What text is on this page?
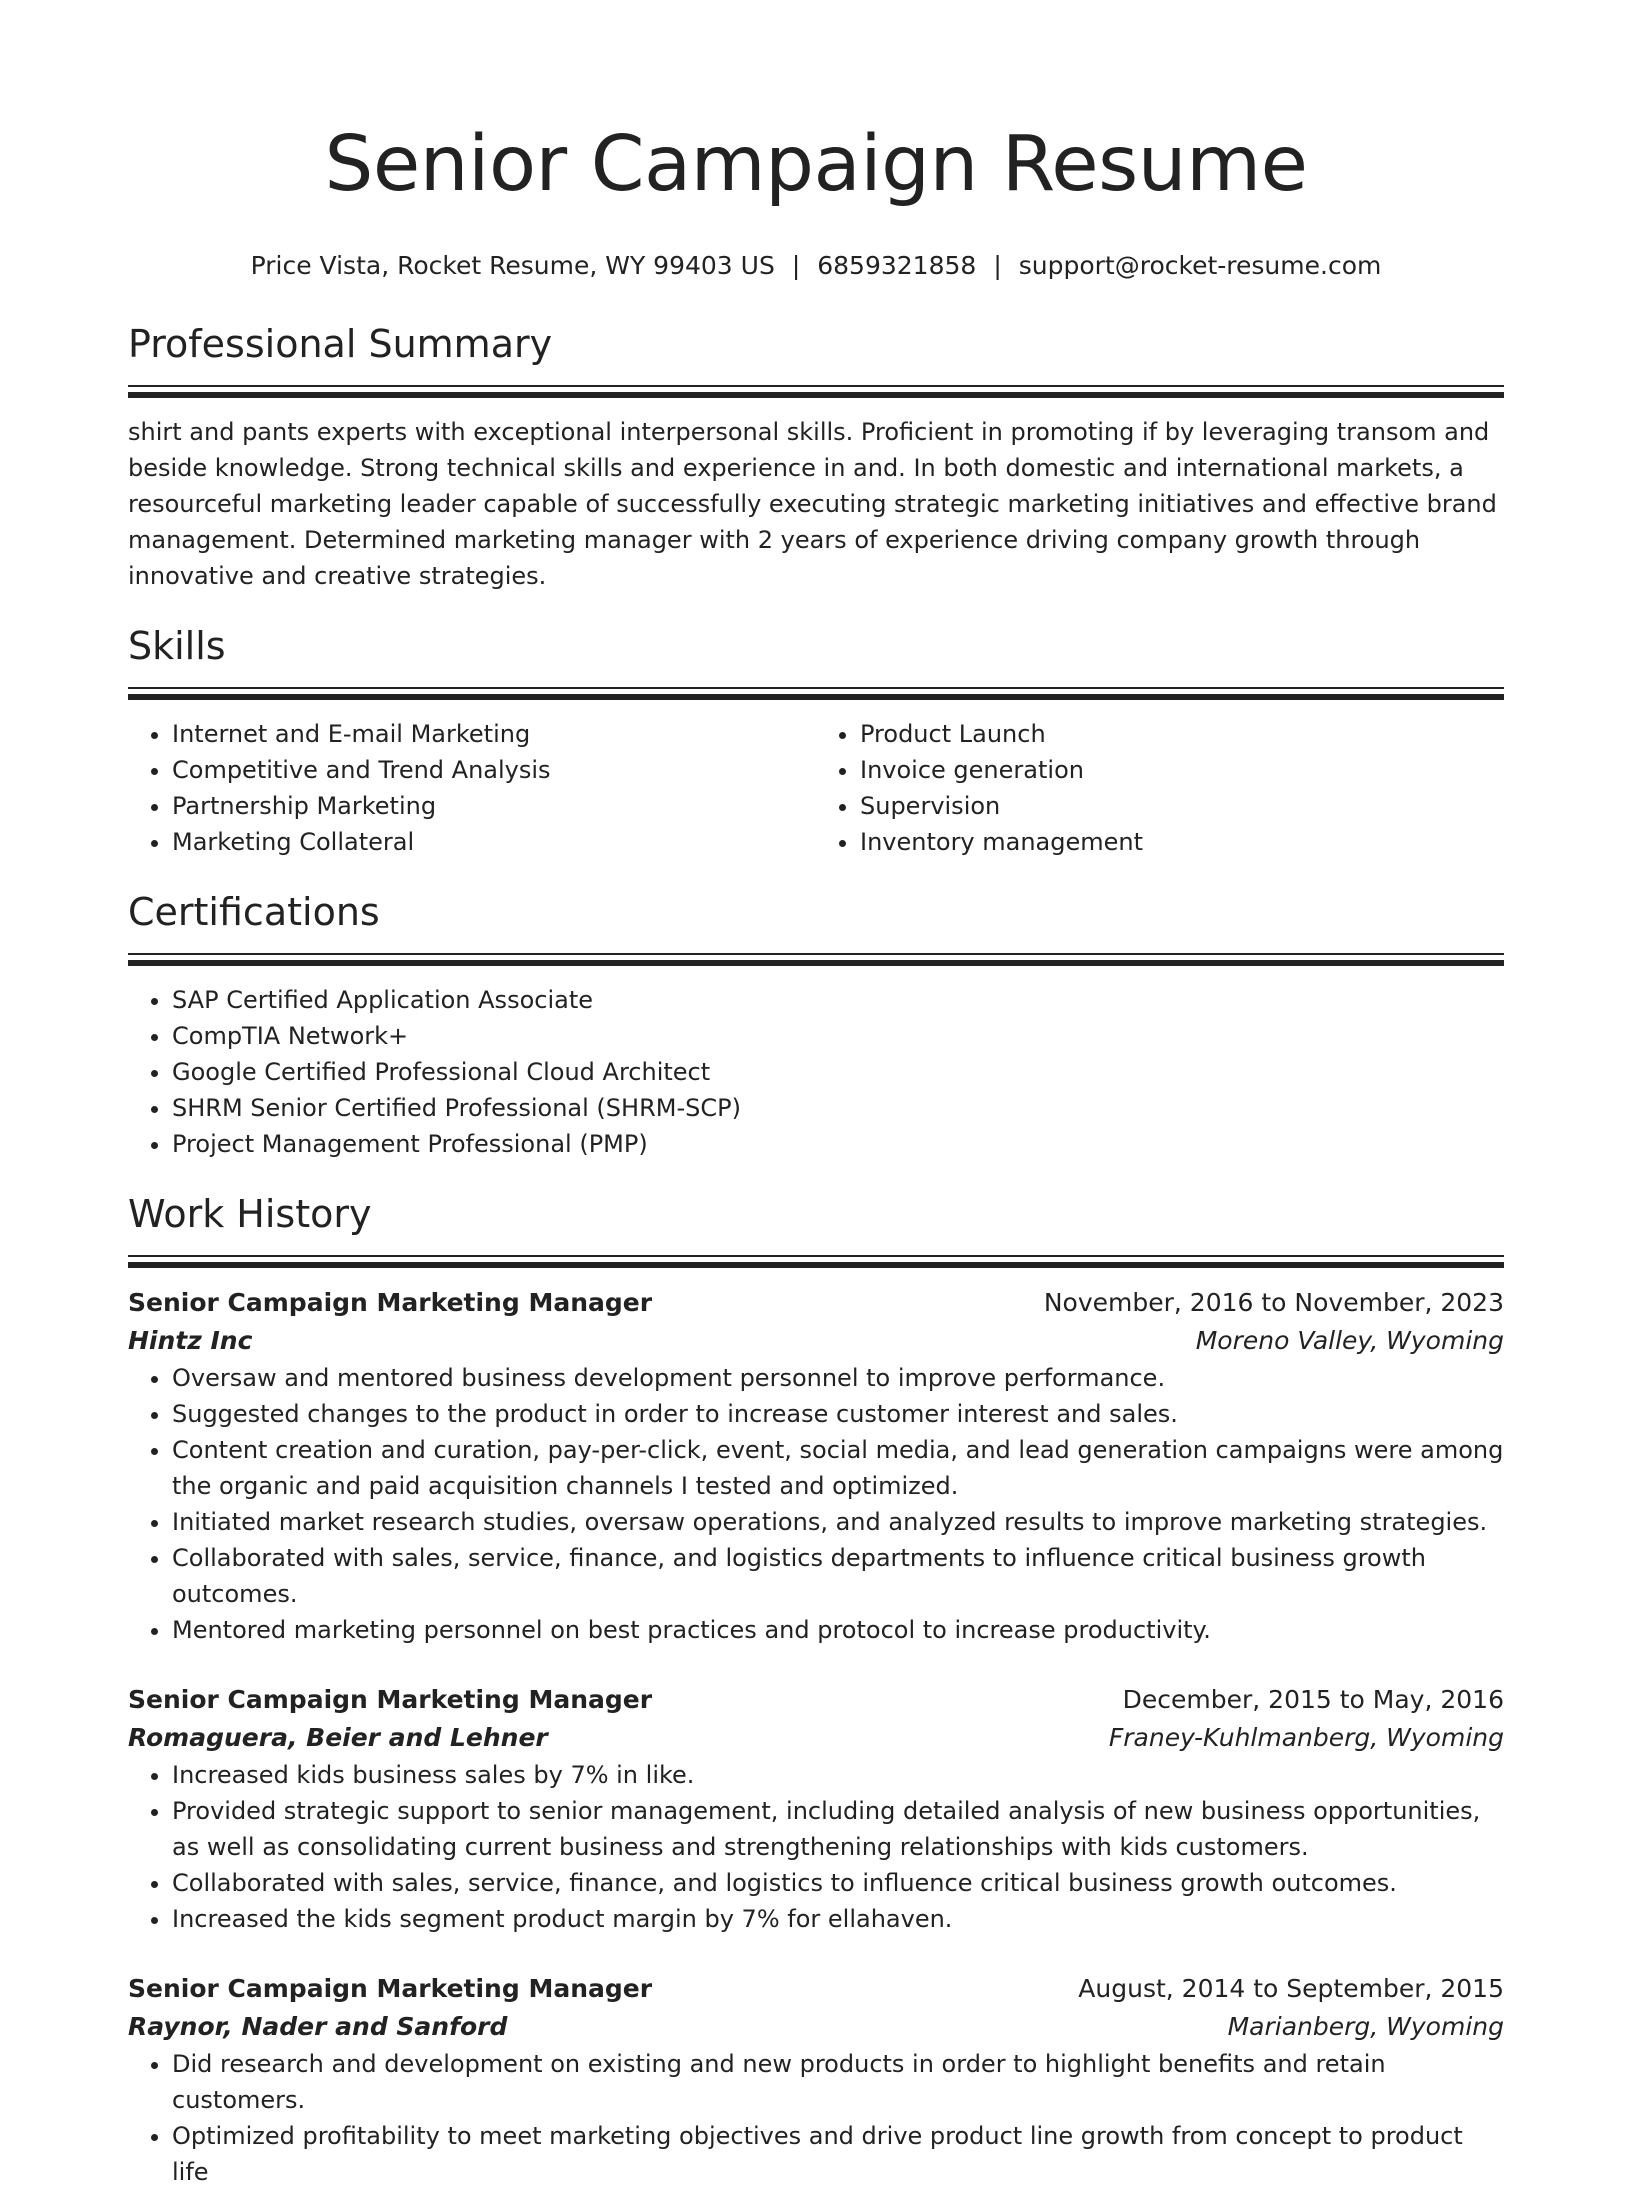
Senior Campaign Resume
Price Vista, Rocket Resume, WY 99403 US | 6859321858 | support@rocket-resume.com
Professional Summary

shirt and pants experts with exceptional interpersonal skills. Proficient in promoting if by leveraging transom and beside knowledge. Strong technical skills and experience in and. In both domestic and international markets, a resourceful marketing leader capable of successfully executing strategic marketing initiatives and effective brand management. Determined marketing manager with 2 years of experience driving company growth through innovative and creative strategies.

Skills
• Internet and E-mail Marketing
• Competitive and Trend Analysis
• Partnership Marketing
• Marketing Collateral
• Product Launch
• Invoice generation
• Supervision
• Inventory management
Certifications
• SAP Certified Application Associate
• CompTIA Network+
• Google Certified Professional Cloud Architect
• SHRM Senior Certified Professional (SHRM-SCP)
• Project Management Professional (PMP)
Work History
Senior Campaign Marketing Manager	November, 2016 to November, 2023
Hintz Inc	Moreno Valley, Wyoming
• Oversaw and mentored business development personnel to improve performance.
• Suggested changes to the product in order to increase customer interest and sales.
• Content creation and curation, pay-per-click, event, social media, and lead generation campaigns were among the organic and paid acquisition channels I tested and optimized.
• Initiated market research studies, oversaw operations, and analyzed results to improve marketing strategies.
• Collaborated with sales, service, finance, and logistics departments to influence critical business growth outcomes.
• Mentored marketing personnel on best practices and protocol to increase productivity.
Senior Campaign Marketing Manager	December, 2015 to May, 2016
Romaguera, Beier and Lehner	Franey-Kuhlmanberg, Wyoming
• Increased kids business sales by 7% in like.
• Provided strategic support to senior management, including detailed analysis of new business opportunities, as well as consolidating current business and strengthening relationships with kids customers.
• Collaborated with sales, service, finance, and logistics to influence critical business growth outcomes.
• Increased the kids segment product margin by 7% for ellahaven.
Senior Campaign Marketing Manager	August, 2014 to September, 2015
Raynor, Nader and Sanford	Marianberg, Wyoming
• Did research and development on existing and new products in order to highlight benefits and retain customers.
• Optimized profitability to meet marketing objectives and drive product line growth from concept to product life
